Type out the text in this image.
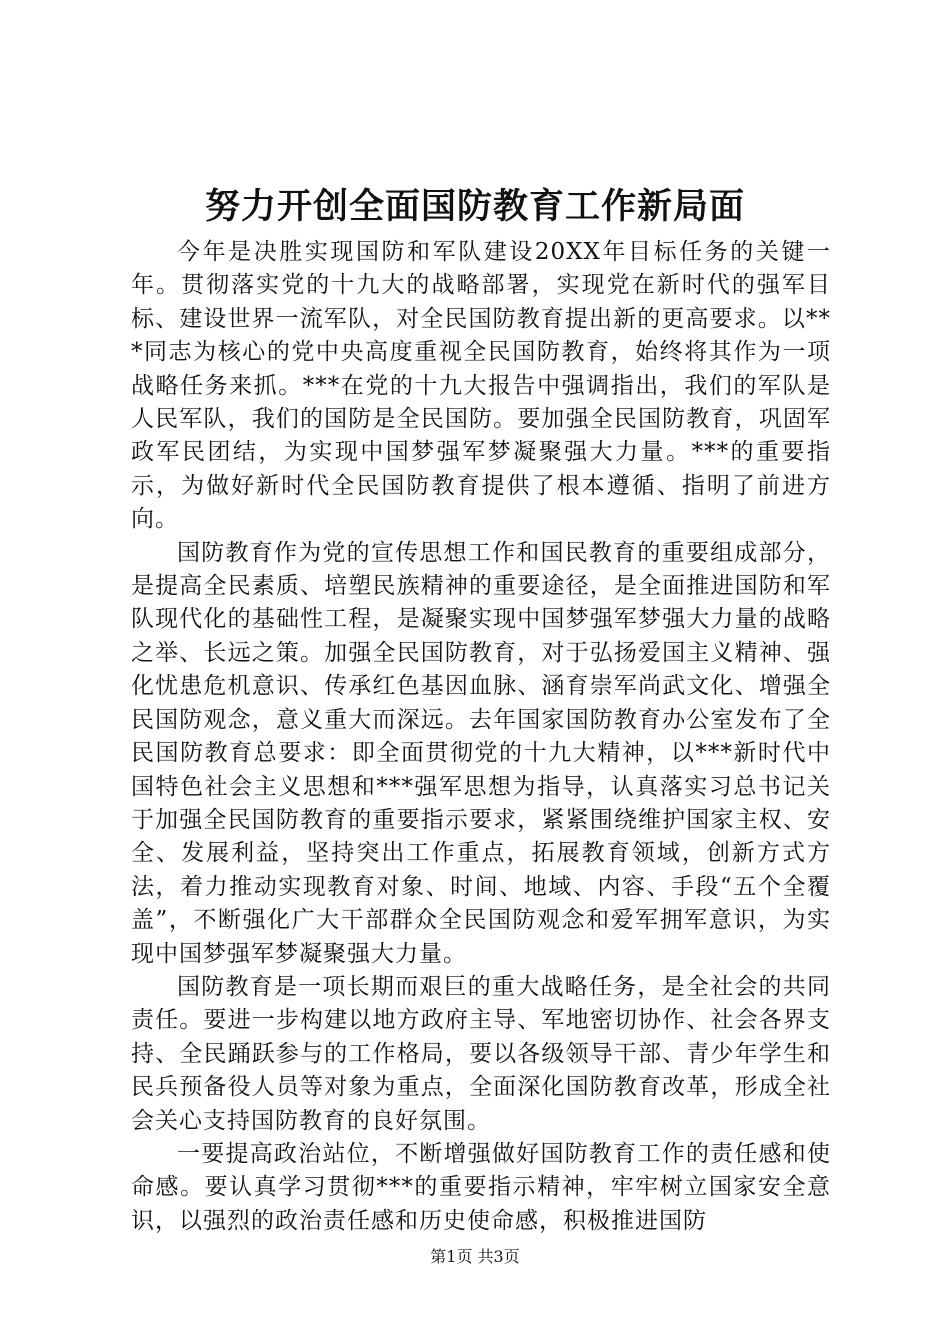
努力开创全面国防教育工作新局面

今年是决胜实现国防和军队建设20XX年目标任务的关键一年。贯彻落实党的十九大的战略部署，实现党在新时代的强军目标、建设世界一流军队，对全民国防教育提出新的更高要求。以***同志为核心的党中央高度重视全民国防教育，始终将其作为一项战略任务来抓。***在党的十九大报告中强调指出，我们的军队是人民军队，我们的国防是全民国防。要加强全民国防教育，巩固军政军民团结，为实现中国梦强军梦凝聚强大力量。***的重要指示，为做好新时代全民国防教育提供了根本遵循、指明了前进方向。

国防教育作为党的宣传思想工作和国民教育的重要组成部分，是提高全民素质、培塑民族精神的重要途径，是全面推进国防和军队现代化的基础性工程，是凝聚实现中国梦强军梦强大力量的战略之举、长远之策。加强全民国防教育，对于弘扬爱国主义精神、强化忧患危机意识、传承红色基因血脉、涵育崇军尚武文化、增强全民国防观念，意义重大而深远。去年国家国防教育办公室发布了全民国防教育总要求：即全面贯彻党的十九大精神，以***新时代中国特色社会主义思想和***强军思想为指导，认真落实习总书记关于加强全民国防教育的重要指示要求，紧紧围绕维护国家主权、安全、发展利益，坚持突出工作重点，拓展教育领域，创新方式方法，着力推动实现教育对象、时间、地域、内容、手段“五个全覆盖”，不断强化广大干部群众全民国防观念和爱军拥军意识，为实现中国梦强军梦凝聚强大力量。

国防教育是一项长期而艰巨的重大战略任务，是全社会的共同责任。要进一步构建以地方政府主导、军地密切协作、社会各界支持、全民踊跃参与的工作格局，要以各级领导干部、青少年学生和民兵预备役人员等对象为重点，全面深化国防教育改革，形成全社会关心支持国防教育的良好氛围。

一要提高政治站位，不断增强做好国防教育工作的责任感和使命感。要认真学习贯彻***的重要指示精神，牢牢树立国家安全意识，以强烈的政治责任感和历史使命感，积极推进国防

第1页 共3页
